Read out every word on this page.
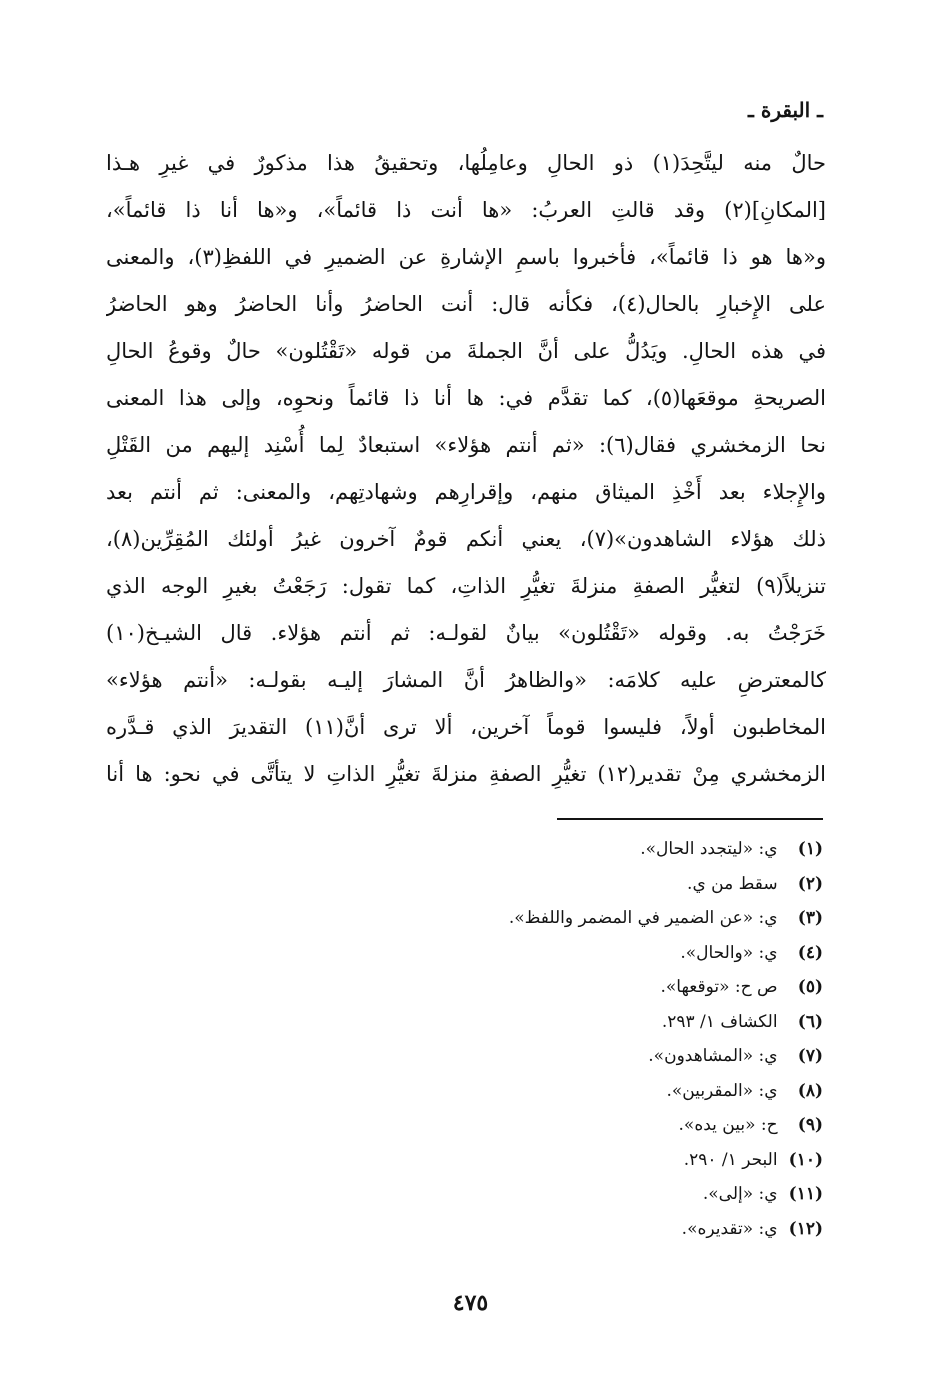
ـ البقرة ـ
حالٌ منه ليتَّحِدَ(١) ذو الحالِ وعامِلُها، وتحقيقُ هذا مذكورٌ في غيرِ هـذا
[المكانِ](٢) وقد قالتِ العربُ: «ها أنت ذا قائماً»، و«ها أنا ذا قائماً»،
و«ها هو ذا قائماً»، فأخبروا باسمِ الإشارةِ عن الضميرِ في اللفظِ(٣)، والمعنى
على الإِخبارِ بالحال(٤)، فكأنه قال: أنت الحاضرُ وأنا الحاضرُ وهو الحاضرُ
في هذه الحالِ. ويَدُلُّ على أنَّ الجملةَ من قوله «تَقْتُلون» حالٌ وقوعُ الحالِ
الصريحةِ موقعَها(٥)، كما تقدَّم في: ها أنا ذا قائماً ونحوِه، وإلى هذا المعنى
نحا الزمخشري فقال(٦): «ثم أنتم هؤلاء» استبعادٌ لِما أُسْنِد إليهم من القَتْلِ
والإِجلاء بعد أَخْذِ الميثاق منهم، وإقرارِهم وشهادتِهم، والمعنى: ثم أنتم بعد
ذلك هؤلاء الشاهدون»(٧)، يعني أنكم قومٌ آخرون غيرُ أولئك المُقِرِّين(٨)،
تنزيلاً(٩) لتغيُّر الصفةِ منزلةَ تغيُّرِ الذاتِ، كما تقول: رَجَعْتُ بغيرِ الوجه الذي
خَرَجْتُ به. وقوله «تَقْتُلون» بيانٌ لقولـه: ثم أنتم هؤلاء. قال الشيـخ(١٠)
كالمعترضِ عليه كلامَه: «والظاهرُ أنَّ المشارَ إليـه بقولـه: «أنتم هؤلاء»
المخاطبون أولاً، فليسوا قوماً آخرين، ألا ترى أنَّ(١١) التقديرَ الذي قـدَّره
الزمخشري مِنْ تقدير(١٢) تغيُّرِ الصفةِ منزلةَ تغيُّرِ الذاتِ لا يتأتَّى في نحو: ها أنا
(١) ي: «ليتجدد الحال».
(٢) سقط من ي.
(٣) ي: «عن الضمير في المضمر واللفظ».
(٤) ي: «والحال».
(٥) ص ح: «توقعها».
(٦) الكشاف ١/ ٢٩٣.
(٧) ي: «المشاهدون».
(٨) ي: «المقربين».
(٩) ح: «بين يده».
(١٠) البحر ١/ ٢٩٠.
(١١) ي: «إلى».
(١٢) ي: «تقديره».
٤٧٥
